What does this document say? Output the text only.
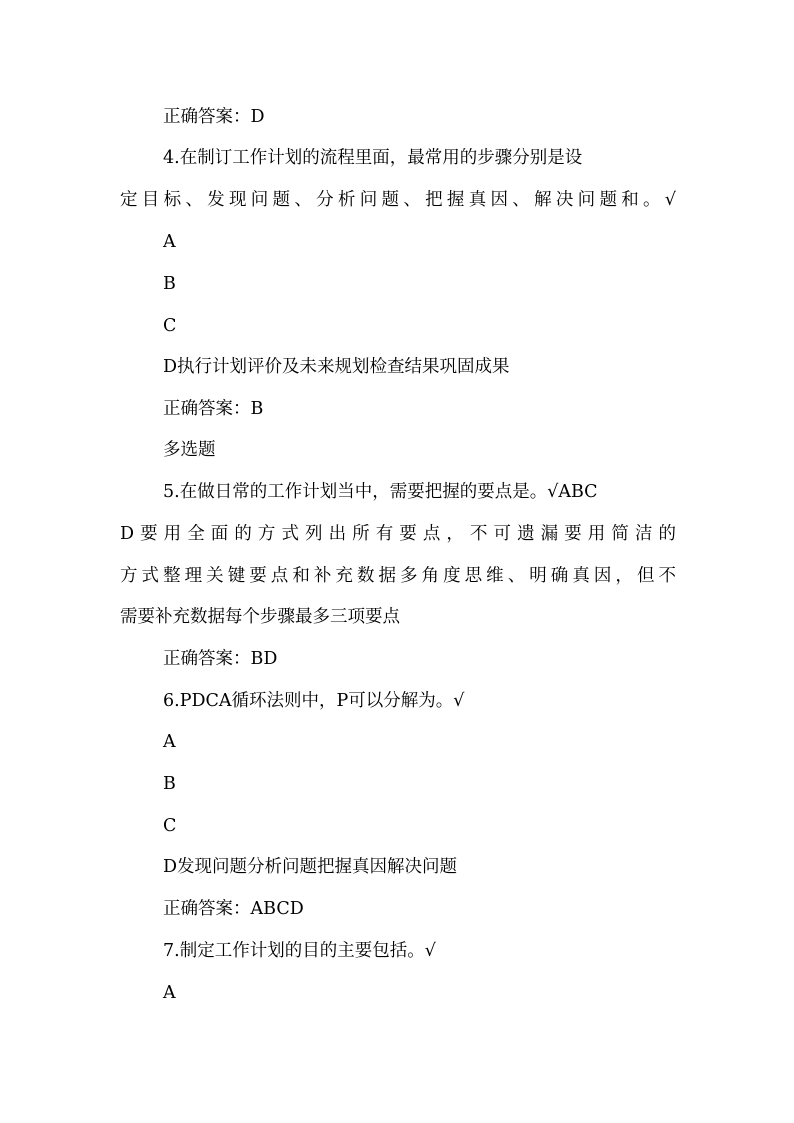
正确答案：D
4.在制订工作计划的流程里面，最常用的步骤分别是设
定目标、发现问题、分析问题、把握真因、解决问题和。√
A
B
C
D执行计划评价及未来规划检查结果巩固成果
正确答案：B
多选题
5.在做日常的工作计划当中，需要把握的要点是。√ABC
D要用全面的方式列出所有要点，不可遗漏要用简洁的
方式整理关键要点和补充数据多角度思维、明确真因，但不
需要补充数据每个步骤最多三项要点
正确答案：BD
6.PDCA循环法则中，P可以分解为。√
A
B
C
D发现问题分析问题把握真因解决问题
正确答案：ABCD
7.制定工作计划的目的主要包括。√
A
